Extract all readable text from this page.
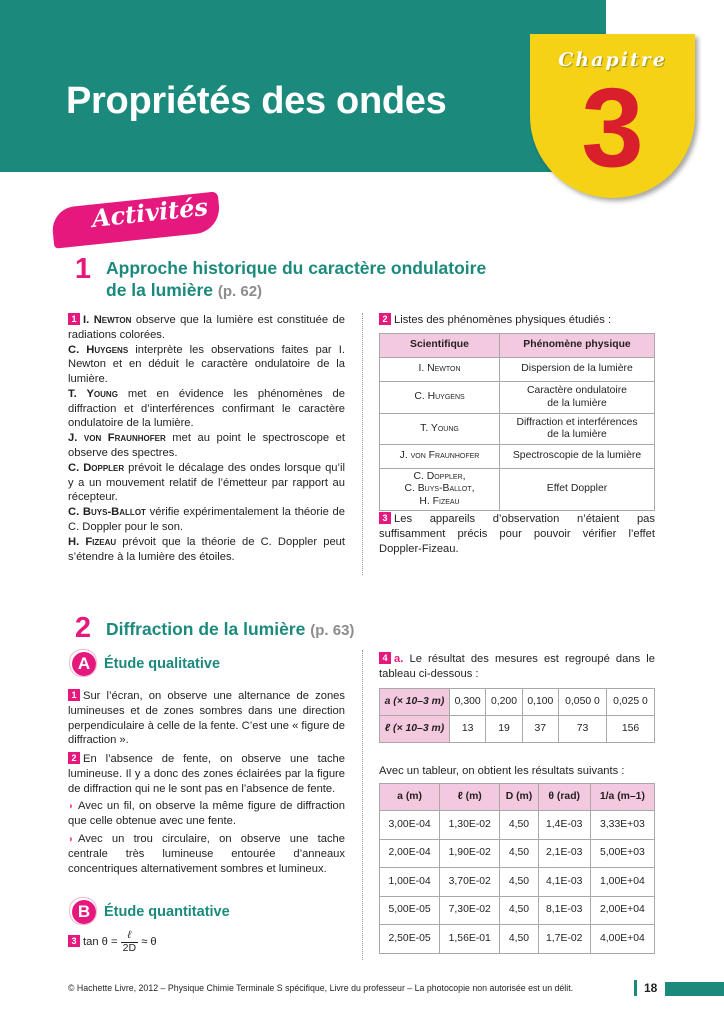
Propriétés des ondes
Chapitre
3
Activités
1 Approche historique du caractère ondulatoire
de la lumière (p. 62)

1 I. Newton observe que la lumière est constituée de radiations colorées.

C. Huygens interprète les observations faites par I. Newton et en déduit le caractère ondulatoire de la lumière.

T. Young met en évidence les phénomènes de diffraction et d’interférences confirmant le caractère ondulatoire de la lumière.

J. von Fraunhofer met au point le spectroscope et observe des spectres.

C. Doppler prévoit le décalage des ondes lorsque qu’il y a un mouvement relatif de l’émetteur par rapport au récepteur.

C. Buys-Ballot vérifie expérimentalement la théorie de C. Doppler pour le son.

H. Fizeau prévoit que la théorie de C. Doppler peut s’étendre à la lumière des étoiles.

2 Listes des phénomènes physiques étudiés :
Scientifique	Phénomène physique
I. Newton	Dispersion de la lumière
C. Huygens	Caractère ondulatoire
de la lumière
T. Young	Diffraction et interférences
de la lumière
J. von Fraunhofer	Spectroscopie de la lumière
C. Doppler,
C. Buys-Ballot,
H. Fizeau	Effet Doppler
3 Les appareils d’observation n’étaient pas suffisamment précis pour pouvoir vérifier l’effet Doppler-Fizeau.
2 Diffraction de la lumière (p. 63)
A Étude qualitative

1 Sur l’écran, on observe une alternance de zones lumineuses et de zones sombres dans une direction perpendiculaire à celle de la fente. C’est une « figure de diffraction ».

2 En l’absence de fente, on observe une tache lumineuse. Il y a donc des zones éclairées par la figure de diffraction qui ne le sont pas en l’absence de fente.

◗ Avec un fil, on observe la même figure de diffraction que celle obtenue avec une fente.

◗ Avec un trou circulaire, on observe une tache centrale très lumineuse entourée d’anneaux concentriques alternativement sombres et lumineux.

B Étude quantitative
3 $\tan \theta = \frac{\text{ℓ}}{2D} \approx \theta$
4 a. Le résultat des mesures est regroupé dans le tableau ci-dessous :
a (× 10–3 m)	0,300	0,200	0,100	0,050 0	0,025 0
ℓ (× 10–3 m)	13	19	37	73	156
Avec un tableur, on obtient les résultats suivants :
a (m)	ℓ (m)	D (m)	θ (rad)	1/a (m–1)
3,00E-04	1,30E-02	4,50	1,4E-03	3,33E+03
2,00E-04	1,90E-02	4,50	2,1E-03	5,00E+03
1,00E-04	3,70E-02	4,50	4,1E-03	1,00E+04
5,00E-05	7,30E-02	4,50	8,1E-03	2,00E+04
2,50E-05	1,56E-01	4,50	1,7E-02	4,00E+04
© Hachette Livre, 2012 – Physique Chimie Terminale S spécifique, Livre du professeur – La photocopie non autorisée est un délit.	18
